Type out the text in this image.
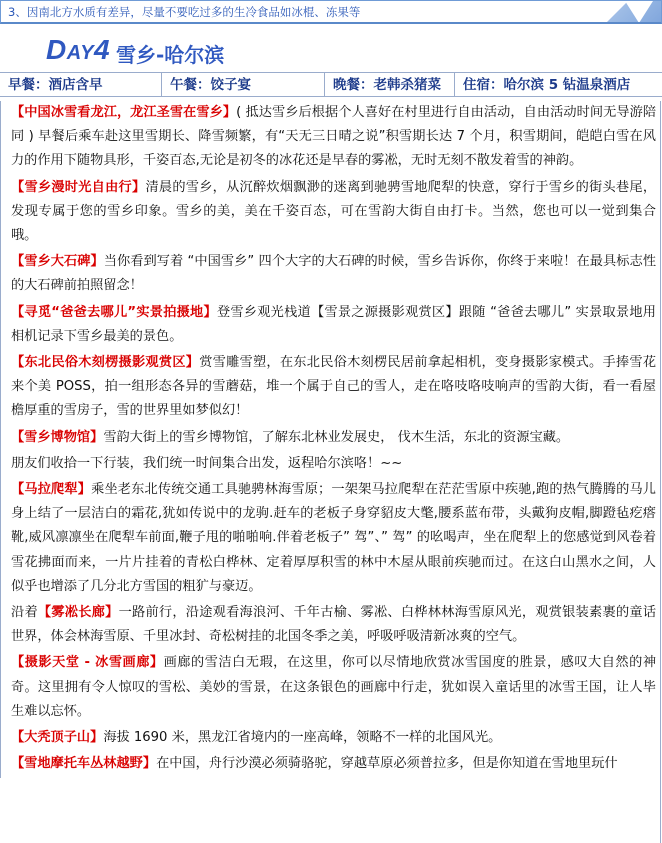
3、因南北方水质有差异，尽量不要吃过多的生冷食品如冰棍、冻果等
DAY4 雪乡-哈尔滨
早餐：酒店含早	午餐：饺子宴	晚餐：老韩杀猪菜	住宿：哈尔滨 5 钻温泉酒店

【中国冰雪看龙江，龙江圣雪在雪乡】( 抵达雪乡后根据个人喜好在村里进行自由活动，自由活动时间无导游陪同 ) 早餐后乘车赴这里雪期长、降雪频繁，有“天无三日晴之说”积雪期长达 7 个月，积雪期间，皑皑白雪在风力的作用下随物具形，千姿百态,无论是初冬的冰花还是早春的雾凇，无时无刻不散发着雪的神韵。

【雪乡漫时光自由行】清晨的雪乡，从沉醉炊烟飘渺的迷离到驰骋雪地爬犁的快意，穿行于雪乡的街头巷尾，发现专属于您的雪乡印象。雪乡的美，美在千姿百态，可在雪韵大街自由打卡。当然，您也可以一觉到集合哦。

【雪乡大石碑】当你看到写着 “中国雪乡” 四个大字的大石碑的时候，雪乡告诉你，你终于来啦！在最具标志性的大石碑前拍照留念！

【寻觅“爸爸去哪儿”实景拍摄地】登雪乡观光栈道【雪景之源摄影观赏区】跟随 “爸爸去哪儿” 实景取景地用相机记录下雪乡最美的景色。

【东北民俗木刻楞摄影观赏区】赏雪雕雪塑，在东北民俗木刻楞民居前拿起相机，变身摄影家模式。手捧雪花来个美 POSS，拍一组形态各异的雪蘑菇，堆一个属于自己的雪人，走在咯吱咯吱响声的雪韵大街，看一看屋檐厚重的雪房子，雪的世界里如梦似幻！

【雪乡博物馆】雪韵大街上的雪乡博物馆，了解东北林业发展史， 伐木生活，东北的资源宝藏。

朋友们收拾一下行装，我们统一时间集合出发，返程哈尔滨咯！~~

【马拉爬犁】乘坐老东北传统交通工具驰骋林海雪原；一架架马拉爬犁在茫茫雪原中疾驰,跑的热气腾腾的马儿身上结了一层洁白的霜花,犹如传说中的龙驹.赶车的老板子身穿貂皮大氅,腰系蓝布带，头戴狗皮帽,脚蹬毡疙瘩靴,威风凛凛坐在爬犁车前面,鞭子甩的啪啪响.伴着老板子” 驾”、” 驾” 的吆喝声，坐在爬犁上的您感觉到风卷着雪花拂面而来，一片片挂着的青松白桦林、定着厚厚积雪的林中木屋从眼前疾驰而过。在这白山黑水之间，人似乎也增添了几分北方雪国的粗犷与豪迈。

沿着【雾凇长廊】一路前行，沿途观看海浪河、千年古榆、雾凇、白桦林林海雪原风光，观赏银装素裹的童话世界，体会林海雪原、千里冰封、奇松树挂的北国冬季之美，呼吸呼吸清新冰爽的空气。

【摄影天堂 - 冰雪画廊】画廊的雪洁白无瑕，在这里，你可以尽情地欣赏冰雪国度的胜景，感叹大自然的神奇。这里拥有令人惊叹的雪松、美妙的雪景，在这条银色的画廊中行走，犹如误入童话里的冰雪王国，让人毕生难以忘怀。

【大秃顶子山】海拔 1690 米，黑龙江省境内的一座高峰，领略不一样的北国风光。

【雪地摩托车丛林越野】在中国，舟行沙漠必须骑骆驼，穿越草原必须普拉多，但是你知道在雪地里玩什
